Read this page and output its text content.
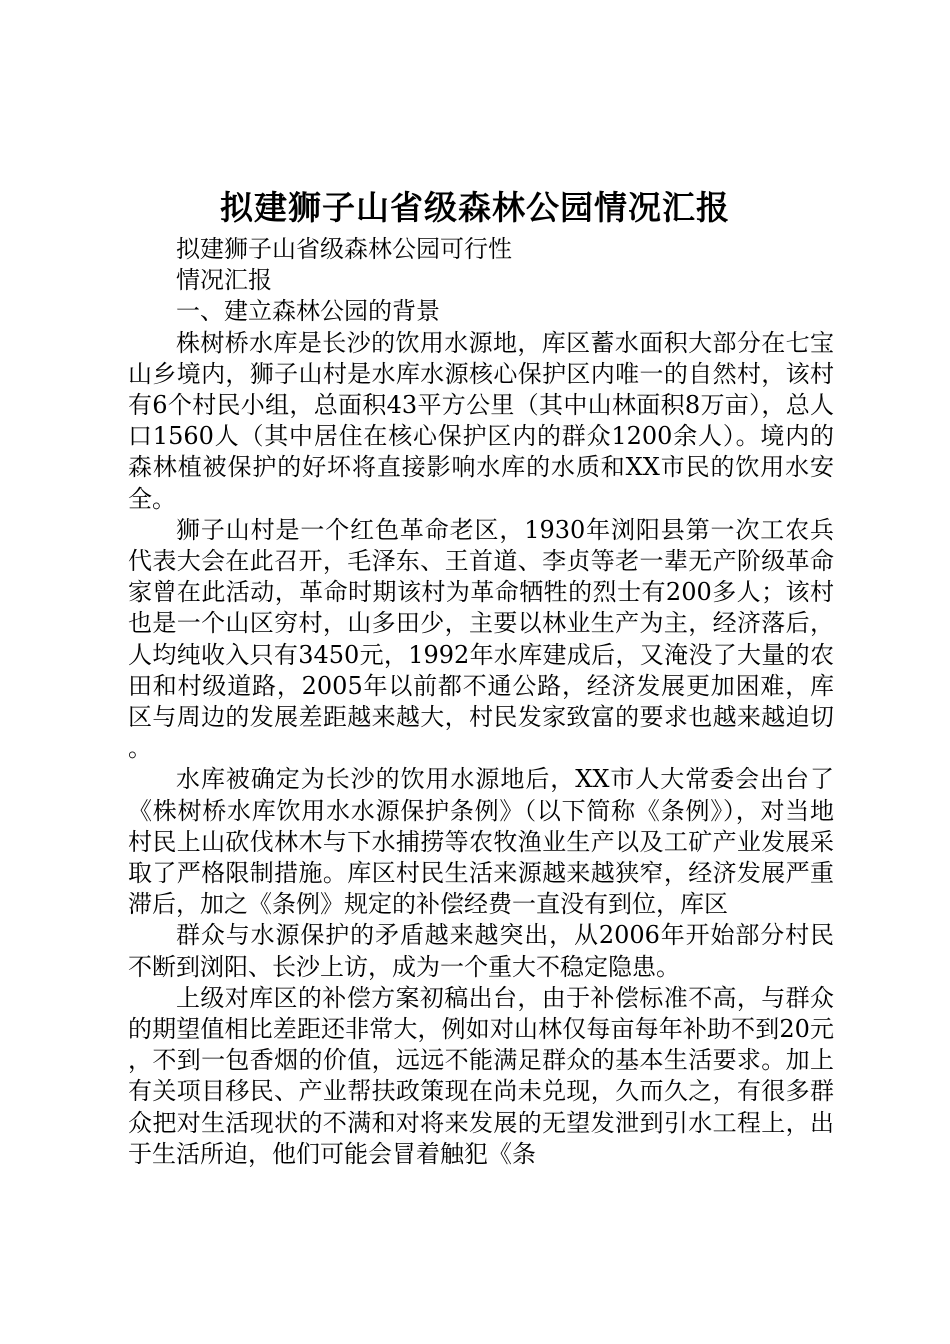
拟建狮子山省级森林公园情况汇报

拟建狮子山省级森林公园可行性

情况汇报

一、建立森林公园的背景

株树桥水库是长沙的饮用水源地，库区蓄水面积大部分在七宝山乡境内，狮子山村是水库水源核心保护区内唯一的自然村，该村有6个村民小组，总面积43平方公里（其中山林面积8万亩），总人口1560人（其中居住在核心保护区内的群众1200余人）。境内的森林植被保护的好坏将直接影响水库的水质和XX市民的饮用水安全。

狮子山村是一个红色革命老区，1930年浏阳县第一次工农兵代表大会在此召开，毛泽东、王首道、李贞等老一辈无产阶级革命家曾在此活动，革命时期该村为革命牺牲的烈士有200多人；该村也是一个山区穷村，山多田少，主要以林业生产为主，经济落后，人均纯收入只有3450元，1992年水库建成后，又淹没了大量的农田和村级道路，2005年以前都不通公路，经济发展更加困难，库区与周边的发展差距越来越大，村民发家致富的要求也越来越迫切。

水库被确定为长沙的饮用水源地后，XX市人大常委会出台了《株树桥水库饮用水水源保护条例》（以下简称《条例》），对当地村民上山砍伐林木与下水捕捞等农牧渔业生产以及工矿产业发展采取了严格限制措施。库区村民生活来源越来越狭窄，经济发展严重滞后，加之《条例》规定的补偿经费一直没有到位，库区

群众与水源保护的矛盾越来越突出，从2006年开始部分村民不断到浏阳、长沙上访，成为一个重大不稳定隐患。

上级对库区的补偿方案初稿出台，由于补偿标准不高，与群众的期望值相比差距还非常大，例如对山林仅每亩每年补助不到20元，不到一包香烟的价值，远远不能满足群众的基本生活要求。加上有关项目移民、产业帮扶政策现在尚未兑现，久而久之，有很多群众把对生活现状的不满和对将来发展的无望发泄到引水工程上，出于生活所迫，他们可能会冒着触犯《条
